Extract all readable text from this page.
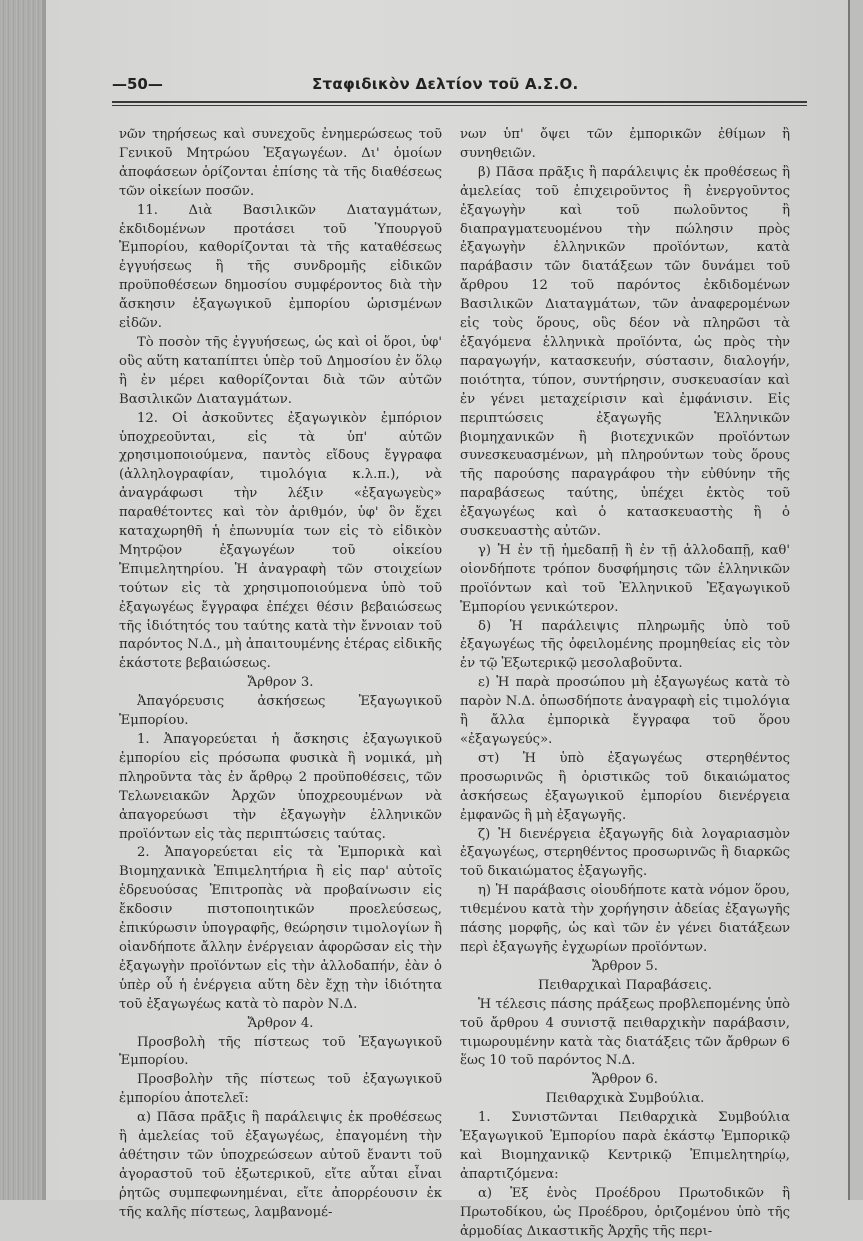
—50—	Σταφιδικὸν Δελτίον τοῦ Α.Σ.Ο.

νῶν τηρήσεως καὶ συνεχοῦς ἐνημερώσεως τοῦ Γενικοῦ Μητρώου Ἐξαγωγέων. Δι' ὁμοίων ἀποφάσεων ὁρίζονται ἐπίσης τὰ τῆς διαθέσεως τῶν οἰκείων ποσῶν.

11. Διὰ Βασιλικῶν Διαταγμάτων, ἐκδιδομένων προτάσει τοῦ Ὑπουργοῦ Ἐμπορίου, καθορίζονται τὰ τῆς καταθέσεως ἐγγυήσεως ἢ τῆς συνδρομῆς εἰδικῶν προϋποθέσεων δημοσίου συμφέροντος διὰ τὴν ἄσκησιν ἐξαγωγικοῦ ἐμπορίου ὡρισμένων εἰδῶν.

Τὸ ποσὸν τῆς ἐγγυήσεως, ὡς καὶ οἱ ὅροι, ὑφ' οὓς αὕτη καταπίπτει ὑπὲρ τοῦ Δημοσίου ἐν ὅλῳ ἢ ἐν μέρει καθορίζονται διὰ τῶν αὐτῶν Βασιλικῶν Διαταγμάτων.

12. Οἱ ἀσκοῦντες ἐξαγωγικὸν ἐμπόριον ὑποχρεοῦνται, εἰς τὰ ὑπ' αὐτῶν χρησιμοποιούμενα, παντὸς εἴδους ἔγγραφα (ἀλληλογραφίαν, τιμολόγια κ.λ.π.), νὰ ἀναγράφωσι τὴν λέξιν «ἐξαγωγεὺς» παραθέτοντες καὶ τὸν ἀριθμόν, ὑφ' ὃν ἔχει καταχωρηθῆ ἡ ἐπωνυμία των εἰς τὸ εἰδικὸν Μητρῷον ἐξαγωγέων τοῦ οἰκείου Ἐπιμελητηρίου. Ἡ ἀναγραφὴ τῶν στοιχείων τούτων εἰς τὰ χρησιμοποιούμενα ὑπὸ τοῦ ἐξαγωγέως ἔγγραφα ἐπέχει θέσιν βεβαιώσεως τῆς ἰδιότητός του ταύτης κατὰ τὴν ἔννοιαν τοῦ παρόντος Ν.Δ., μὴ ἀπαιτουμένης ἑτέρας εἰδικῆς ἑκάστοτε βεβαιώσεως.

Ἄρθρον 3.

Ἀπαγόρευσις ἀσκήσεως Ἐξαγωγικοῦ Ἐμπορίου.

1. Ἀπαγορεύεται ἡ ἄσκησις ἐξαγωγικοῦ ἐμπορίου εἰς πρόσωπα φυσικὰ ἢ νομικά, μὴ πληροῦντα τὰς ἐν ἄρθρῳ 2 προϋποθέσεις, τῶν Τελωνειακῶν Ἀρχῶν ὑποχρεουμένων νὰ ἀπαγορεύωσι τὴν ἐξαγωγὴν ἑλληνικῶν προϊόντων εἰς τὰς περιπτώσεις ταύτας.

2. Ἀπαγορεύεται εἰς τὰ Ἐμπορικὰ καὶ Βιομηχανικὰ Ἐπιμελητήρια ἢ εἰς παρ' αὐτοῖς ἑδρευούσας Ἐπιτροπὰς νὰ προβαίνωσιν εἰς ἔκδοσιν πιστοποιητικῶν προελεύσεως, ἐπικύρωσιν ὑπογραφῆς, θεώρησιν τιμολογίων ἢ οἱανδήποτε ἄλλην ἐνέργειαν ἀφορῶσαν εἰς τὴν ἐξαγωγὴν προϊόντων εἰς τὴν ἀλλοδαπήν, ἐὰν ὁ ὑπὲρ οὗ ἡ ἐνέργεια αὕτη δὲν ἔχῃ τὴν ἰδιότητα τοῦ ἐξαγωγέως κατὰ τὸ παρὸν Ν.Δ.

Ἄρθρον 4.

Προσβολὴ τῆς πίστεως τοῦ Ἐξαγωγικοῦ Ἐμπορίου.

Προσβολὴν τῆς πίστεως τοῦ ἐξαγωγικοῦ ἐμπορίου ἀποτελεῖ:

α) Πᾶσα πρᾶξις ἢ παράλειψις ἐκ προθέσεως ἢ ἀμελείας τοῦ ἐξαγωγέως, ἐπαγομένη τὴν ἀθέτησιν τῶν ὑποχρεώσεων αὐτοῦ ἔναντι τοῦ ἀγοραστοῦ τοῦ ἐξωτερικοῦ, εἴτε αὗται εἶναι ῥητῶς συμπεφωνημέναι, εἴτε ἀπορρέουσιν ἐκ τῆς καλῆς πίστεως, λαμβανομέ-

νων ὑπ' ὄψει τῶν ἐμπορικῶν ἐθίμων ἢ συνηθειῶν.

β) Πᾶσα πρᾶξις ἢ παράλειψις ἐκ προθέσεως ἢ ἀμελείας τοῦ ἐπιχειροῦντος ἢ ἐνεργοῦντος ἐξαγωγὴν καὶ τοῦ πωλοῦντος ἢ διαπραγματευομένου τὴν πώλησιν πρὸς ἐξαγωγὴν ἑλληνικῶν προϊόντων, κατὰ παράβασιν τῶν διατάξεων τῶν δυνάμει τοῦ ἄρθρου 12 τοῦ παρόντος ἐκδιδομένων Βασιλικῶν Διαταγμάτων, τῶν ἀναφερομένων εἰς τοὺς ὅρους, οὓς δέον νὰ πληρῶσι τὰ ἐξαγόμενα ἑλληνικὰ προϊόντα, ὡς πρὸς τὴν παραγωγήν, κατασκευήν, σύστασιν, διαλογήν, ποιότητα, τύπον, συντήρησιν, συσκευασίαν καὶ ἐν γένει μεταχείρισιν καὶ ἐμφάνισιν. Εἰς περιπτώσεις ἐξαγωγῆς Ἑλληνικῶν βιομηχανικῶν ἢ βιοτεχνικῶν προϊόντων συνεσκευασμένων, μὴ πληρούντων τοὺς ὅρους τῆς παρούσης παραγράφου τὴν εὐθύνην τῆς παραβάσεως ταύτης, ὑπέχει ἐκτὸς τοῦ ἐξαγωγέως καὶ ὁ κατασκευαστὴς ἢ ὁ συσκευαστὴς αὐτῶν.

γ) Ἡ ἐν τῇ ἡμεδαπῇ ἢ ἐν τῇ ἀλλοδαπῇ, καθ' οἱονδήποτε τρόπον δυσφήμησις τῶν ἑλληνικῶν προϊόντων καὶ τοῦ Ἑλληνικοῦ Ἐξαγωγικοῦ Ἐμπορίου γενικώτερον.

δ) Ἡ παράλειψις πληρωμῆς ὑπὸ τοῦ ἐξαγωγέως τῆς ὀφειλομένης προμηθείας εἰς τὸν ἐν τῷ Ἐξωτερικῷ μεσολαβοῦντα.

ε) Ἡ παρὰ προσώπου μὴ ἐξαγωγέως κατὰ τὸ παρὸν Ν.Δ. ὁπωσδήποτε ἀναγραφὴ εἰς τιμολόγια ἢ ἄλλα ἐμπορικὰ ἔγγραφα τοῦ ὅρου «ἐξαγωγεύς».

στ) Ἡ ὑπὸ ἐξαγωγέως στερηθέντος προσωρινῶς ἢ ὁριστικῶς τοῦ δικαιώματος ἀσκήσεως ἐξαγωγικοῦ ἐμπορίου διενέργεια ἐμφανῶς ἢ μὴ ἐξαγωγῆς.

ζ) Ἡ διενέργεια ἐξαγωγῆς διὰ λογαριασμὸν ἐξαγωγέως, στερηθέντος προσωρινῶς ἢ διαρκῶς τοῦ δικαιώματος ἐξαγωγῆς.

η) Ἡ παράβασις οἱουδήποτε κατὰ νόμον ὅρου, τιθεμένου κατὰ τὴν χορήγησιν ἀδείας ἐξαγωγῆς πάσης μορφῆς, ὡς καὶ τῶν ἐν γένει διατάξεων περὶ ἐξαγωγῆς ἐγχωρίων προϊόντων.

Ἄρθρον 5.

Πειθαρχικαὶ Παραβάσεις.

Ἡ τέλεσις πάσης πράξεως προβλεπομένης ὑπὸ τοῦ ἄρθρου 4 συνιστᾷ πειθαρχικὴν παράβασιν, τιμωρουμένην κατὰ τὰς διατάξεις τῶν ἄρθρων 6 ἕως 10 τοῦ παρόντος Ν.Δ.

Ἄρθρον 6.

Πειθαρχικὰ Συμβούλια.

1. Συνιστῶνται Πειθαρχικὰ Συμβούλια Ἐξαγωγικοῦ Ἐμπορίου παρὰ ἑκάστῳ Ἐμπορικῷ καὶ Βιομηχανικῷ Κεντρικῷ Ἐπιμελητηρίῳ, ἀπαρτιζόμενα:

α) Ἐξ ἑνὸς Προέδρου Πρωτοδικῶν ἢ Πρωτοδίκου, ὡς Προέδρου, ὁριζομένου ὑπὸ τῆς ἁρμοδίας Δικαστικῆς Ἀρχῆς τῆς περι-
